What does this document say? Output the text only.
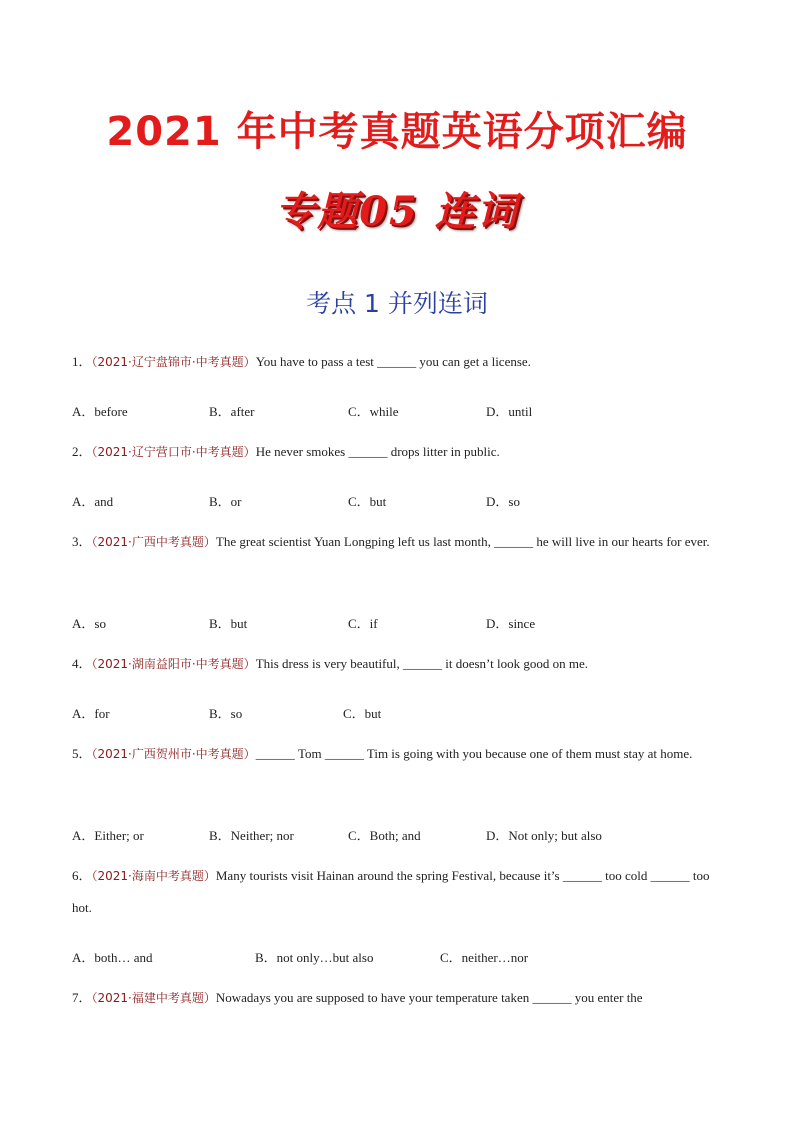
2021 年中考真题英语分项汇编
专题05 连词
考点 1 并列连词
1．（2021·辽宁盘锦市·中考真题）You have to pass a test ______ you can get a license.
A．before	B．after	C．while	D．until
2．（2021·辽宁营口市·中考真题）He never smokes ______ drops litter in public.
A．and	B．or	C．but	D．so
3．（2021·广西中考真题）The great scientist Yuan Longping left us last month, ______ he will live in our hearts for ever.
A．so	B．but	C．if	D．since
4．（2021·湖南益阳市·中考真题）This dress is very beautiful, ______ it doesn’t look good on me.
A．for	B．so	C．but
5．（2021·广西贺州市·中考真题）______ Tom ______ Tim is going with you because one of them must stay at home.
A．Either; or	B．Neither; nor	C．Both; and	D．Not only; but also
6．（2021·海南中考真题）Many tourists visit Hainan around the spring Festival, because it’s ______ too cold ______ too hot.
A．both… and	B．not only…but also	C．neither…nor
7．（2021·福建中考真题）Nowadays you are supposed to have your temperature taken ______ you enter the
